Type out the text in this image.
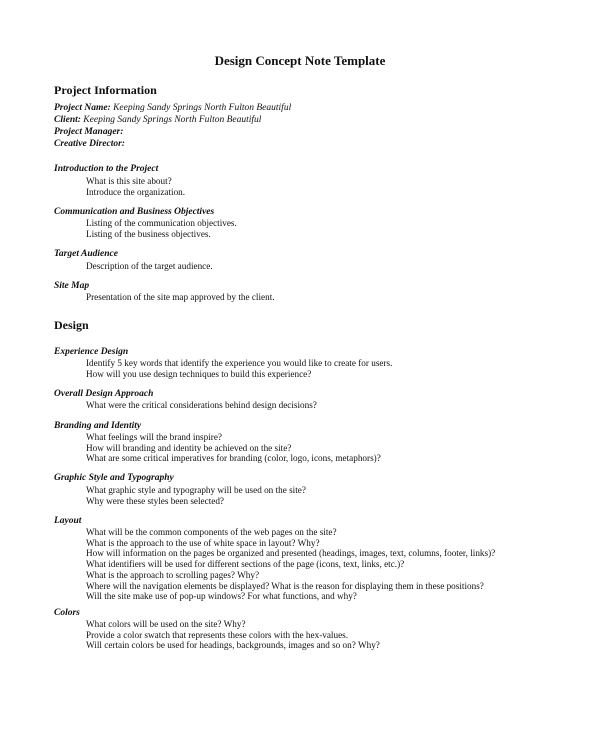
Design Concept Note Template
Project Information
Project Name: Keeping Sandy Springs North Fulton Beautiful
Client: Keeping Sandy Springs North Fulton Beautiful
Project Manager:
Creative Director:
Introduction to the Project
What is this site about?
Introduce the organization.
Communication and Business Objectives
Listing of the communication objectives.
Listing of the business objectives.
Target Audience
Description of the target audience.
Site Map
Presentation of the site map approved by the client.
Design
Experience Design
Identify 5 key words that identify the experience you would like to create for users.
How will you use design techniques to build this experience?
Overall Design Approach
What were the critical considerations behind design decisions?
Branding and Identity
What feelings will the brand inspire?
How will branding and identity be achieved on the site?
What are some critical imperatives for branding (color, logo, icons, metaphors)?
Graphic Style and Typography
What graphic style and typography will be used on the site?
Why were these styles been selected?
Layout
What will be the common components of the web pages on the site?
What is the approach to the use of white space in layout? Why?
How will information on the pages be organized and presented (headings, images, text, columns, footer, links)?
What identifiers will be used for different sections of the page (icons, text, links, etc.)?
What is the approach to scrolling pages? Why?
Where will the navigation elements be displayed? What is the reason for displaying them in these positions?
Will the site make use of pop-up windows? For what functions, and why?
Colors
What colors will be used on the site? Why?
Provide a color swatch that represents these colors with the hex-values.
Will certain colors be used for headings, backgrounds, images and so on? Why?
